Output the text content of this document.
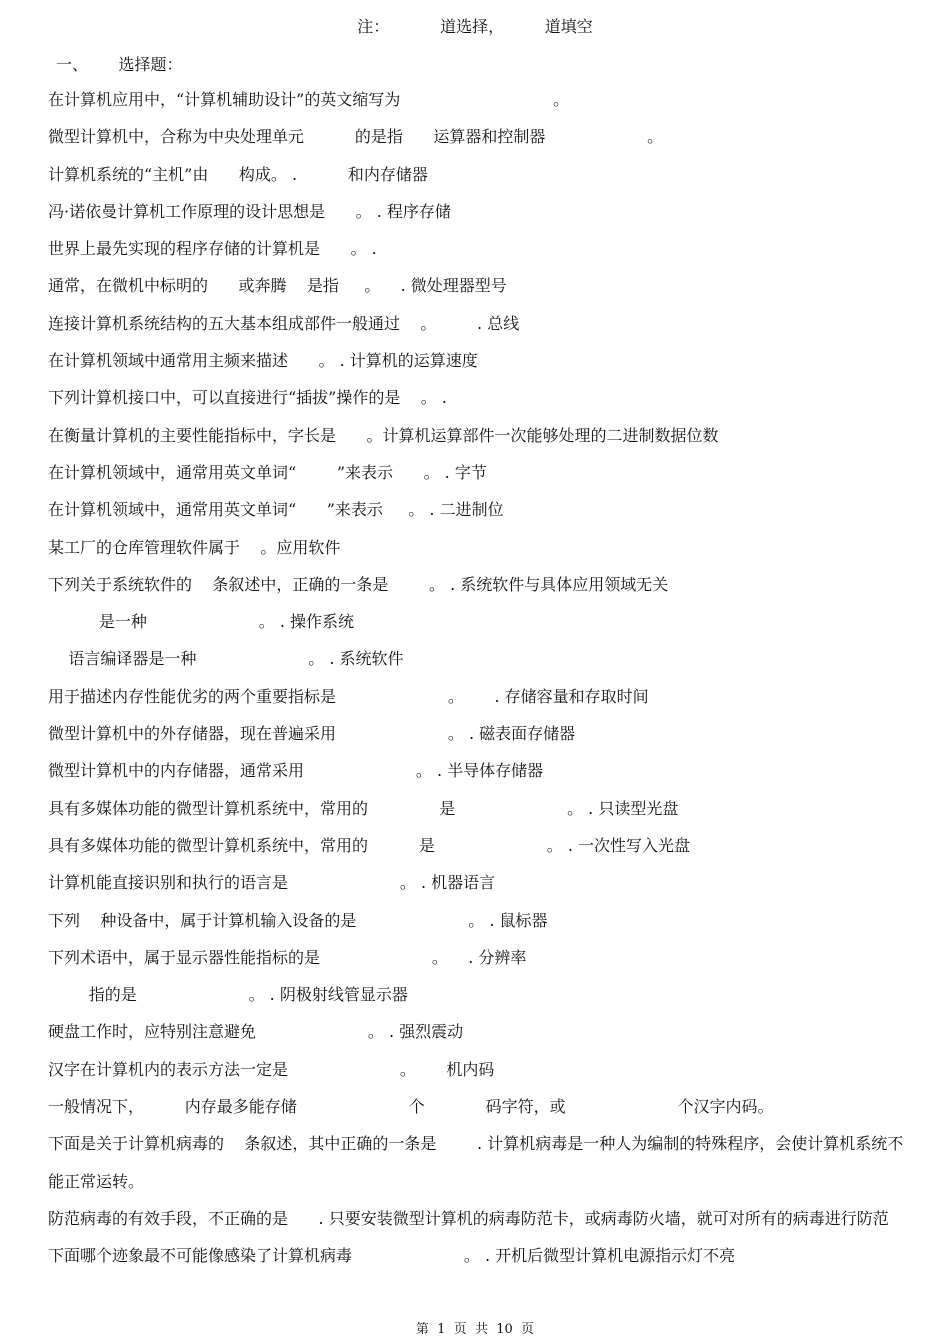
注：          道选择，        道填空
一、      选择题：
在计算机应用中，“计算机辅助设计”的英文缩写为                              。
微型计算机中，合称为中央处理单元          的是指      运算器和控制器                    。
计算机系统的“主机”由      构成。 .          和内存储器
冯·诺依曼计算机工作原理的设计思想是      。 . 程序存储
世界上最先实现的程序存储的计算机是      。 .
通常，在微机中标明的      或奔腾    是指     。    . 微处理器型号
连接计算机系统结构的五大基本组成部件一般通过    。        . 总线
在计算机领域中通常用主频来描述      。 . 计算机的运算速度
下列计算机接口中，可以直接进行“插拔”操作的是    。 .
在衡量计算机的主要性能指标中，字长是      。计算机运算部件一次能够处理的二进制数据位数
在计算机领域中，通常用英文单词“        ”来表示      。 . 字节
在计算机领域中，通常用英文单词“      ”来表示     。 . 二进制位
某工厂的仓库管理软件属于    。应用软件
下列关于系统软件的    条叙述中，正确的一条是        。 . 系统软件与具体应用领域无关
是一种                      。 . 操作系统
语言编译器是一种                      。 . 系统软件
用于描述内存性能优劣的两个重要指标是                      。      . 存储容量和存取时间
微型计算机中的外存储器，现在普遍采用                      。 . 磁表面存储器
微型计算机中的内存储器，通常采用                      。 . 半导体存储器
具有多媒体功能的微型计算机系统中，常用的              是                      。 . 只读型光盘
具有多媒体功能的微型计算机系统中，常用的          是                      。 . 一次性写入光盘
计算机能直接识别和执行的语言是                      。 . 机器语言
下列    种设备中，属于计算机输入设备的是                      。 . 鼠标器
下列术语中，属于显示器性能指标的是                      。    . 分辨率
指的是                      。 . 阴极射线管显示器
硬盘工作时，应特别注意避免                      。 . 强烈震动
汉字在计算机内的表示方法一定是                      。      机内码
一般情况下，        内存最多能存储                      个            码字符，或                      个汉字内码。
下面是关于计算机病毒的    条叙述，其中正确的一条是        . 计算机病毒是一种人为编制的特殊程序，会使计算机系统不
能正常运转。
防范病毒的有效手段，不正确的是      . 只要安装微型计算机的病毒防范卡，或病毒防火墙，就可对所有的病毒进行防范
下面哪个迹象最不可能像感染了计算机病毒                      。 . 开机后微型计算机电源指示灯不亮
第  1  页  共  10  页
